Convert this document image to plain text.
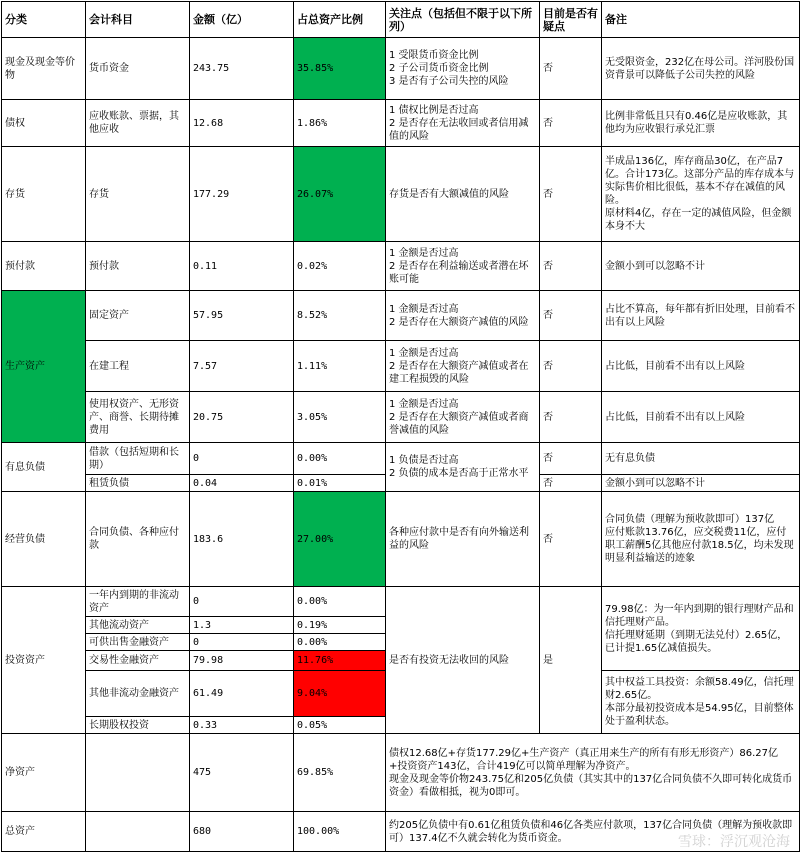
分类	会计科目	金额（亿）	占总资产比例	关注点（包括但不限于以下所列）	目前是否有疑点	备注
现金及现金等价物	货币资金	243.75	35.85%	1 受限货币资金比例
2 子公司货币资金比例
3 是否有子公司失控的风险	否	无受限资金，232亿在母公司。洋河股份国资背景可以降低子公司失控的风险
债权	应收账款、票据，其他应收	12.68	1.86%	1 债权比例是否过高
2 是否存在无法收回或者信用减值的风险	否	比例非常低且只有0.46亿是应收账款，其他均为应收银行承兑汇票
存货	存货	177.29	26.07%	存货是否有大额减值的风险	否	半成品136亿，库存商品30亿，在产品7亿。合计173亿。这部分产品的库存成本与实际售价相比很低，基本不存在减值的风险。
原材料4亿，存在一定的减值风险，但金额本身不大
预付款	预付款	0.11	0.02%	1 金额是否过高
2 是否存在利益输送或者潜在坏账可能	否	金额小到可以忽略不计
生产资产	固定资产	57.95	8.52%	1 金额是否过高
2 是否存在大额资产减值的风险	否	占比不算高，每年都有折旧处理，目前看不出有以上风险
	在建工程	7.57	1.11%	1 金额是否过高
2 是否存在大额资产减值或者在建工程损毁的风险	否	占比低，目前看不出有以上风险
	使用权资产、无形资产、商誉、长期待摊费用	20.75	3.05%	1 金额是否过高
2 是否存在大额资产减值或者商誉减值的风险	否	占比低，目前看不出有以上风险
有息负债	借款（包括短期和长期）	0	0.00%	1 负债是否过高
2 负债的成本是否高于正常水平	否	无有息负债
	租赁负债	0.04	0.01%		否	金额小到可以忽略不计
经营负债	合同负债、各种应付款	183.6	27.00%	各种应付款中是否有向外输送利益的风险	否	合同负债（理解为预收款即可）137亿
应付账款13.76亿，应交税费11亿，应付职工薪酬5亿其他应付款18.5亿，均未发现明显利益输送的迹象
投资资产	一年内到期的非流动资产	0	0.00%	是否有投资无法收回的风险	是	79.98亿：为一年内到期的银行理财产品和信托理财产品。
信托理财延期（到期无法兑付）2.65亿，已计提1.65亿减值损失。
	其他流动资产	1.3	0.19%			
	可供出售金融资产	0	0.00%			
	交易性金融资产	79.98	11.76%			
	其他非流动金融资产	61.49	9.04%			其中权益工具投资：余额58.49亿，信托理财2.65亿。
本部分最初投资成本是54.95亿，目前整体处于盈利状态。
	长期股权投资	0.33	0.05%			
净资产		475	69.85%	债权12.68亿+存货177.29亿+生产资产（真正用来生产的所有有形无形资产）86.27亿+投资资产143亿，合计419亿可以简单理解为净资产。
现金及现金等价物243.75亿和205亿负债（其实其中的137亿合同负债不久即可转化成货币资金）看做相抵，视为0即可。		
总资产		680	100.00%	约205亿负债中有0.61亿租赁负债和46亿各类应付款项，137亿合同负债（理解为预收款即可）137.4亿不久就会转化为货币资金。			雪球：浮沉观沧海
